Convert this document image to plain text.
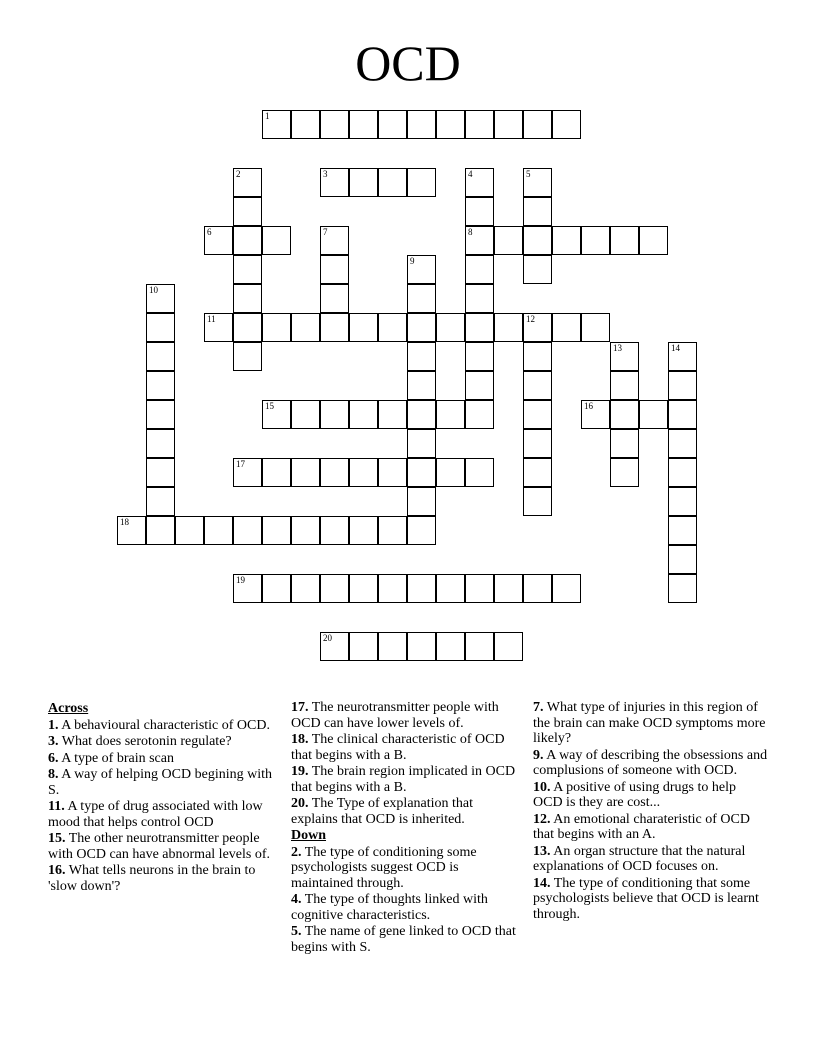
OCD
1
2	3	4	5
6	7	8
9
10
11	12
13	14
15	16
17
18
19
20
Across
1. A behavioural characteristic of OCD.
3. What does serotonin regulate?
6. A type of brain scan
8. A way of helping OCD begining with S.
11. A type of drug associated with low mood that helps control OCD
15. The other neurotransmitter people with OCD can have abnormal levels of.
16. What tells neurons in the brain to 'slow down'?
17. The neurotransmitter people with OCD can have lower levels of.
18. The clinical characteristic of OCD that begins with a B.
19. The brain region implicated in OCD that begins with a B.
20. The Type of explanation that explains that OCD is inherited.
Down
2. The type of conditioning some psychologists suggest OCD is maintained through.
4. The type of thoughts linked with cognitive characteristics.
5. The name of gene linked to OCD that begins with S.
7. What type of injuries in this region of the brain can make OCD symptoms more likely?
9. A way of describing the obsessions and complusions of someone with OCD.
10. A positive of using drugs to help OCD is they are cost...
12. An emotional charateristic of OCD that begins with an A.
13. An organ structure that the natural explanations of OCD focuses on.
14. The type of conditioning that some psychologists believe that OCD is learnt through.
